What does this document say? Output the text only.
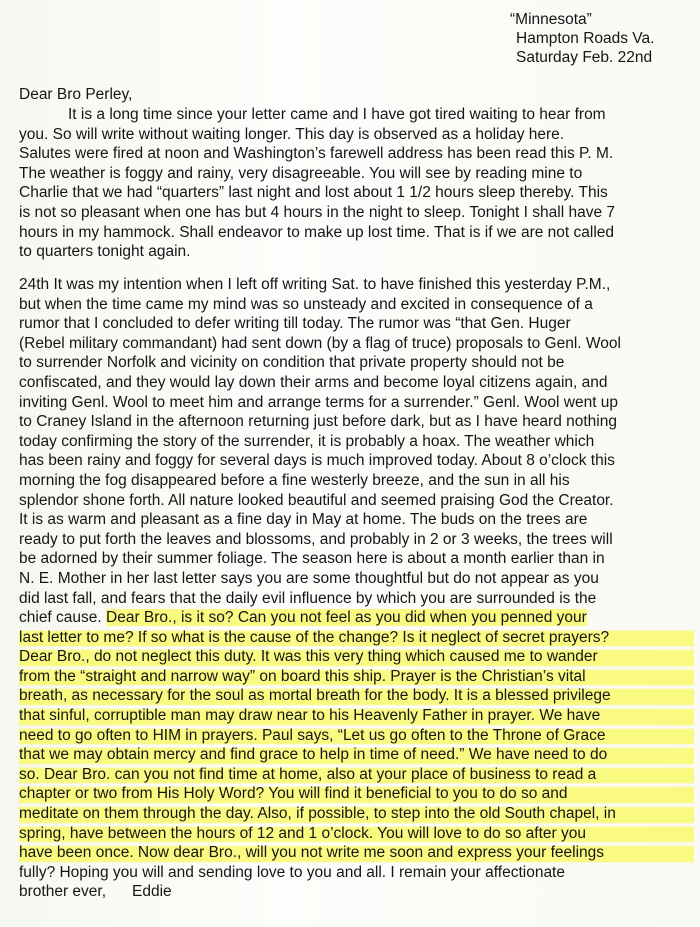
“Minnesota”
Hampton Roads Va.
Saturday Feb. 22nd
Dear Bro Perley,
It is a long time since your letter came and I have got tired waiting to hear from
you. So will write without waiting longer. This day is observed as a holiday here.
Salutes were fired at noon and Washington’s farewell address has been read this P. M.
The weather is foggy and rainy, very disagreeable. You will see by reading mine to
Charlie that we had “quarters” last night and lost about 1 1/2 hours sleep thereby. This
is not so pleasant when one has but 4 hours in the night to sleep. Tonight I shall have 7
hours in my hammock. Shall endeavor to make up lost time. That is if we are not called
to quarters tonight again.
24th It was my intention when I left off writing Sat. to have finished this yesterday P.M.,
but when the time came my mind was so unsteady and excited in consequence of a
rumor that I concluded to defer writing till today. The rumor was “that Gen. Huger
(Rebel military commandant) had sent down (by a flag of truce) proposals to Genl. Wool
to surrender Norfolk and vicinity on condition that private property should not be
confiscated, and they would lay down their arms and become loyal citizens again, and
inviting Genl. Wool to meet him and arrange terms for a surrender.” Genl. Wool went up
to Craney Island in the afternoon returning just before dark, but as I have heard nothing
today confirming the story of the surrender, it is probably a hoax. The weather which
has been rainy and foggy for several days is much improved today. About 8 o’clock this
morning the fog disappeared before a fine westerly breeze, and the sun in all his
splendor shone forth. All nature looked beautiful and seemed praising God the Creator.
It is as warm and pleasant as a fine day in May at home. The buds on the trees are
ready to put forth the leaves and blossoms, and probably in 2 or 3 weeks, the trees will
be adorned by their summer foliage. The season here is about a month earlier than in
N. E. Mother in her last letter says you are some thoughtful but do not appear as you
did last fall, and fears that the daily evil influence by which you are surrounded is the
chief cause. Dear Bro., is it so? Can you not feel as you did when you penned your
last letter to me? If so what is the cause of the change? Is it neglect of secret prayers?
Dear Bro., do not neglect this duty. It was this very thing which caused me to wander
from the “straight and narrow way” on board this ship. Prayer is the Christian’s vital
breath, as necessary for the soul as mortal breath for the body. It is a blessed privilege
that sinful, corruptible man may draw near to his Heavenly Father in prayer. We have
need to go often to HIM in prayers. Paul says, “Let us go often to the Throne of Grace
that we may obtain mercy and find grace to help in time of need.” We have need to do
so. Dear Bro. can you not find time at home, also at your place of business to read a
chapter or two from His Holy Word? You will find it beneficial to you to do so and
meditate on them through the day. Also, if possible, to step into the old South chapel, in
spring, have between the hours of 12 and 1 o’clock. You will love to do so after you
have been once. Now dear Bro., will you not write me soon and express your feelings
fully? Hoping you will and sending love to you and all. I remain your affectionate
brother ever, Eddie
